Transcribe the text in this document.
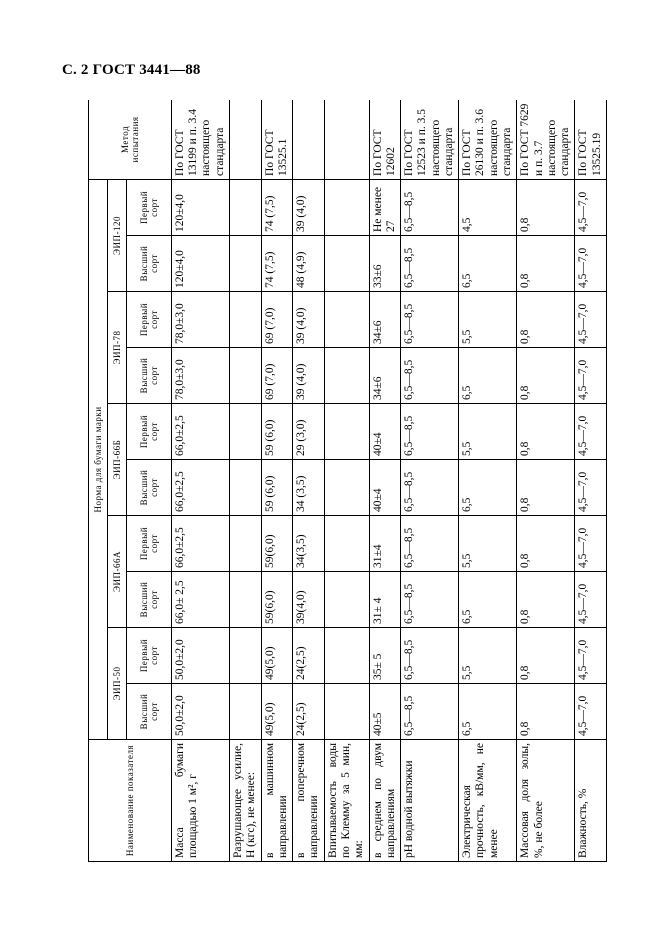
С. 2 ГОСТ 3441—88
Наименование показателя	Норма для бумаги марки										Метод испытания
	ЭИП-50		ЭИП-66А		ЭИП-66Б		ЭИП-78		ЭИП-120		
	Высший сорт	Первый сорт	Высший сорт	Первый сорт	Высший сорт	Первый сорт	Высший сорт	Первый сорт	Высший сорт	Первый сорт	
Масса бумаги площадью 1 м², г	50,0±2,0	50,0±2,0	66,0± 2,5	66,0±2,5	66,0±2,5	66,0±2,5	78,0±3,0	78,0±3,0	120±4,0	120±4,0	По ГОСТ 13199 и п. 3.4 настоящего стандарта
Разрушающее усилие, Н (кгс), не менее:											
в машинном направлении	49(5,0)	49(5,0)	59(6,0)	59(6,0)	59 (6,0)	59 (6,0)	69 (7,0)	69 (7,0)	74 (7,5)	74 (7,5)	По ГОСТ 13525.1
в поперечном направлении	24(2,5)	24(2,5)	39(4,0)	34(3,5)	34 (3,5)	29 (3,0)	39 (4,0)	39 (4,0)	48 (4,9)	39 (4,0)	
Впитываемость воды по Клемму за 5 мин, мм:											
в среднем по двум направлениям	40±5	35± 5	31± 4	31±4	40±4	40±4	34±6	34±6	33±6	Не менее 27	По ГОСТ 12602
рН водной вытяжки	6,5—8,5	6,5—8,5	6,5—8,5	6,5—8,5	6,5—8,5	6,5—8,5	6,5—8,5	6,5—8,5	6,5—8,5	6,5—8,5	По ГОСТ 12523 и п. 3.5 настоящего стандарта
Электрическая прочность, кВ/мм, не менее	6,5	5,5	6,5	5,5	6,5	5,5	6,5	5,5	6,5	4,5	По ГОСТ 26130 и п. 3.6 настоящего стандарта
Массовая доля золы, %, не более	0,8	0,8	0,8	0,8	0,8	0,8	0,8	0,8	0,8	0,8	По ГОСТ 7629 и п. 3.7 настоящего стандарта
Влажность, %	4,5—7,0	4,5—7,0	4,5—7,0	4,5—7,0	4,5—7,0	4,5—7,0	4,5—7,0	4,5—7,0	4,5—7,0	4,5—7,0	По ГОСТ 13525.19
